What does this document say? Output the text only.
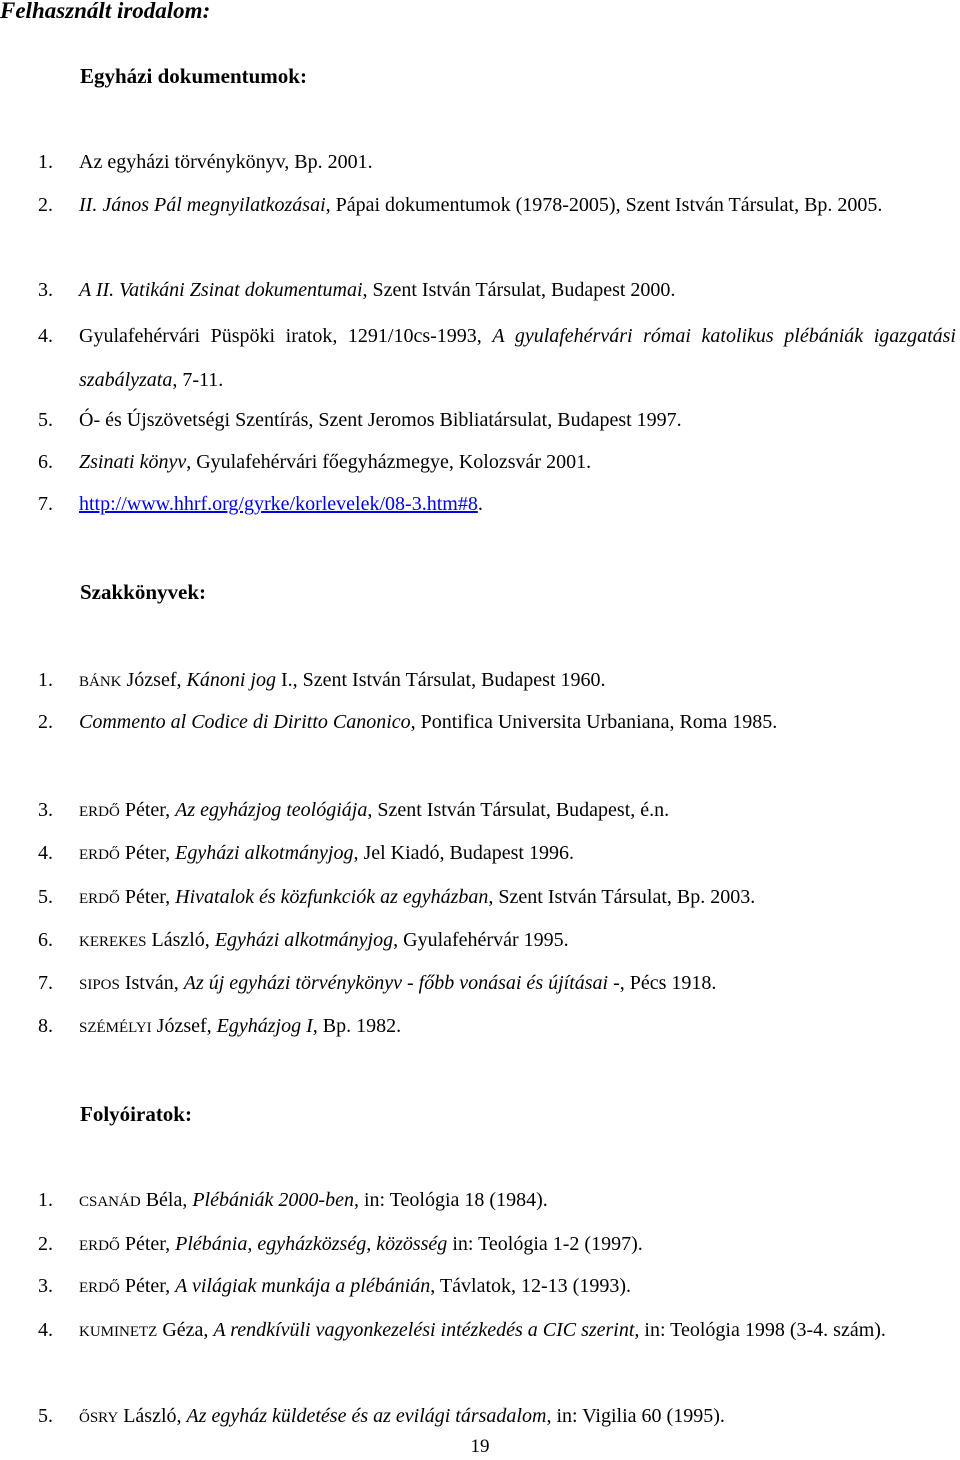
Felhasznált irodalom:
Egyházi dokumentumok:
1. Az egyházi törvénykönyv, Bp. 2001.
2. II. János Pál megnyilatkozásai, Pápai dokumentumok (1978-2005), Szent István Társulat, Bp. 2005.
3. A II. Vatikáni Zsinat dokumentumai, Szent István Társulat, Budapest 2000.
4. Gyulafehérvári Püspöki iratok, 1291/10cs-1993, A gyulafehérvári római katolikus plébániák igazgatási szabályzata, 7-11.
5. Ó- és Újszövetségi Szentírás, Szent Jeromos Bibliatársulat, Budapest 1997.
6. Zsinati könyv, Gyulafehérvári főegyházmegye, Kolozsvár 2001.
7. http://www.hhrf.org/gyrke/korlevelek/08-3.htm#8.
Szakkönyvek:
1. BÁNK József, Kánoni jog I., Szent István Társulat, Budapest 1960.
2. Commento al Codice di Diritto Canonico, Pontifica Universita Urbaniana, Roma 1985.
3. ERDŐ Péter, Az egyházjog teológiája, Szent István Társulat, Budapest, é.n.
4. ERDŐ Péter, Egyházi alkotmányjog, Jel Kiadó, Budapest 1996.
5. ERDŐ Péter, Hivatalok és közfunkciók az egyházban, Szent István Társulat, Bp. 2003.
6. KEREKES László, Egyházi alkotmányjog, Gyulafehérvár 1995.
7. SIPOS István, Az új egyházi törvénykönyv - főbb vonásai és újításai -, Pécs 1918.
8. SZÉMÉLYI József, Egyházjog I, Bp. 1982.
Folyóiratok:
1. CSANÁD Béla, Plébániák 2000-ben, in: Teológia 18 (1984).
2. ERDŐ Péter, Plébánia, egyházközség, közösség in: Teológia 1-2 (1997).
3. ERDŐ Péter, A világiak munkája a plébánián, Távlatok, 12-13 (1993).
4. KUMINETZ Géza, A rendkívüli vagyonkezelési intézkedés a CIC szerint, in: Teológia 1998 (3-4. szám).
5. ŐSRY László, Az egyház küldetése és az evilági társadalom, in: Vigilia 60 (1995).
19
